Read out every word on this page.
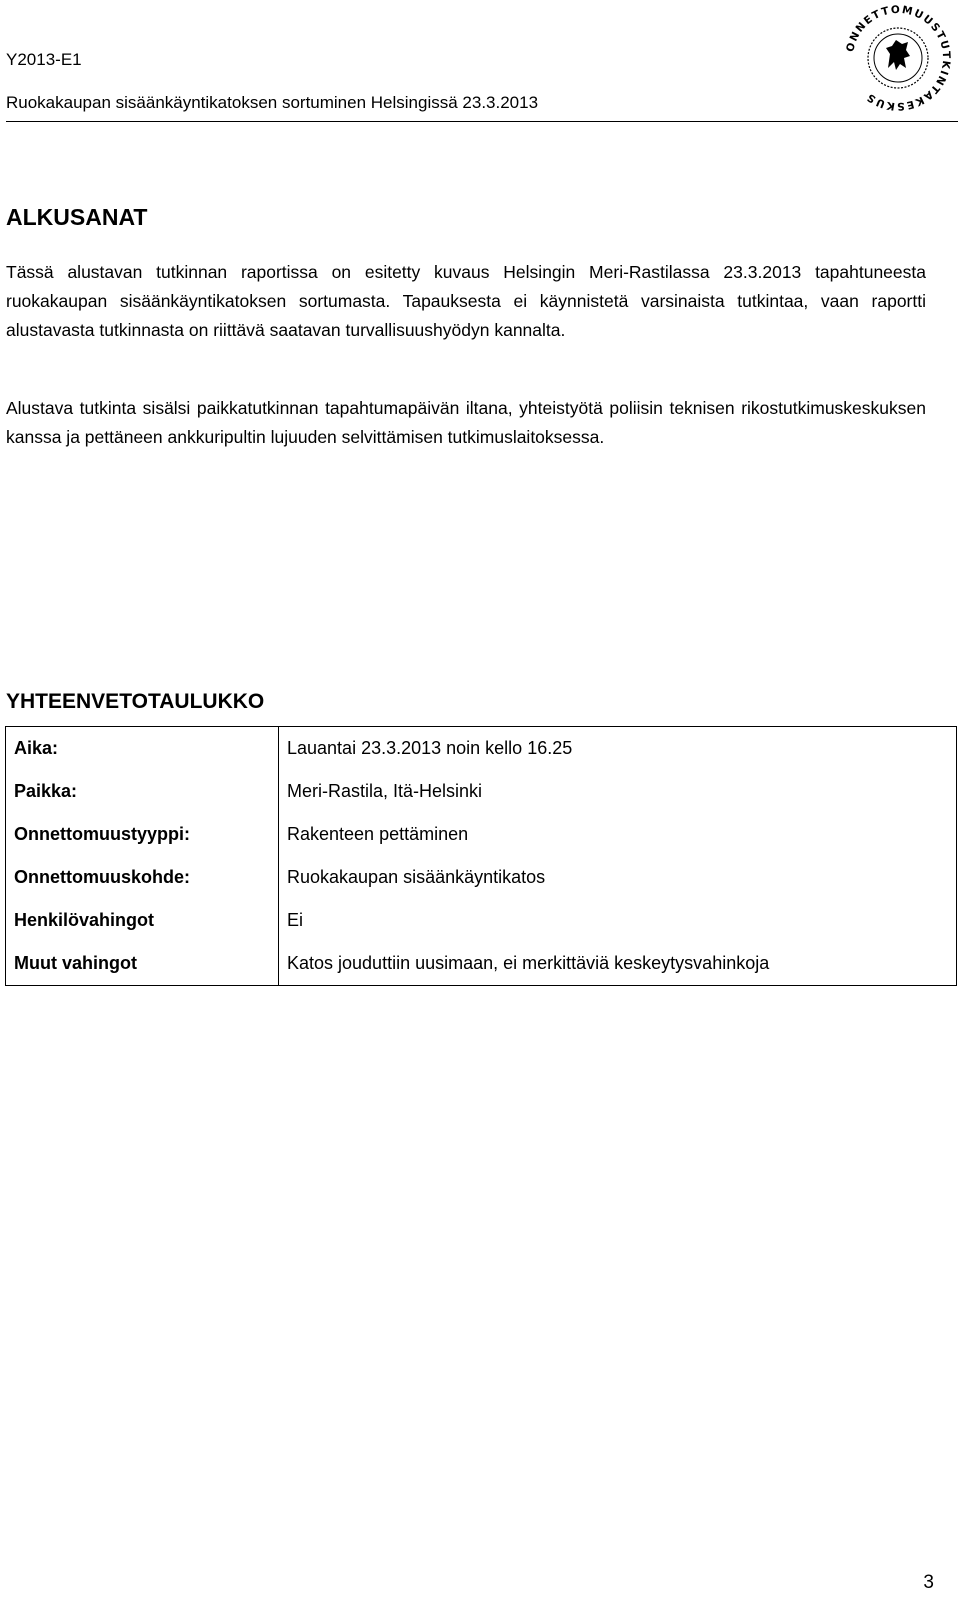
Y2013-E1
Ruokakaupan sisäänkäyntikatoksen sortuminen Helsingissä 23.3.2013
ONNETTOMUUSTUTKINTAKESKUS
ALKUSANAT

Tässä alustavan tutkinnan raportissa on esitetty kuvaus Helsingin Meri-Rastilassa 23.3.2013 tapahtuneesta ruokakaupan sisäänkäyntikatoksen sortumasta. Tapauksesta ei käynnistetä varsinaista tutkintaa, vaan raportti alustavasta tutkinnasta on riittävä saatavan turvallisuushyödyn kannalta.

Alustava tutkinta sisälsi paikkatutkinnan tapahtumapäivän iltana, yhteistyötä poliisin teknisen rikostutkimuskeskuksen kanssa ja pettäneen ankkuripultin lujuuden selvittämisen tutkimuslaitoksessa.

YHTEENVETOTAULUKKO
Aika:	Lauantai 23.3.2013 noin kello 16.25
Paikka:	Meri-Rastila, Itä-Helsinki
Onnettomuustyyppi:	Rakenteen pettäminen
Onnettomuuskohde:	Ruokakaupan sisäänkäyntikatos
Henkilövahingot	Ei
Muut vahingot	Katos jouduttiin uusimaan, ei merkittäviä keskeytysvahinkoja
3
